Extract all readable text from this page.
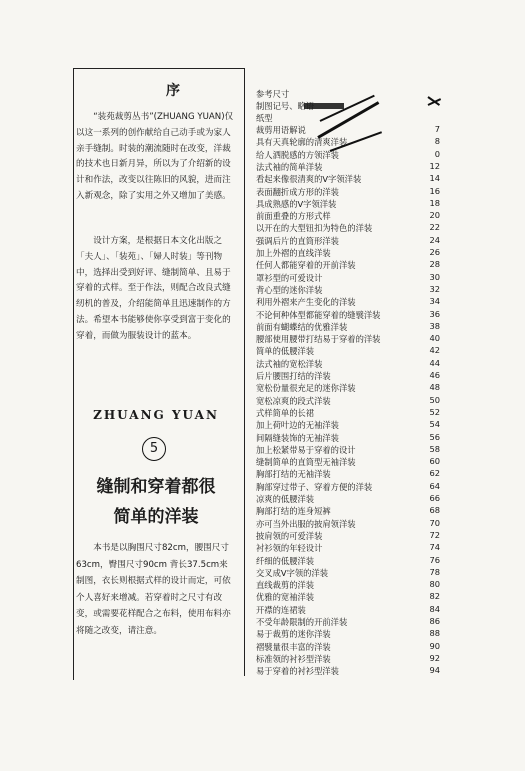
序

“装苑裁剪丛书”(ZHUANG YUAN)仅以这一系列的创作献给自己动手或为家人亲手缝制。时装的潮流随时在改变，洋裁的技术也日新月异，所以为了介绍新的设计和作法，改变以往陈旧的风貌，进而注入新观念，除了实用之外又增加了美感。

设计方案，是根据日本文化出版之「夫人」、「装苑」、「婦人时装」等刊物中，选择出受到好评、缝制简单、且易于穿着的式样。至于作法，则配合改良式缝纫机的普及，介绍能简单且迅速制作的方法。希望本书能够使你享受到富于变化的穿着，而做为服装设计的蓝本。

ZHUANG YUAN
5
缝制和穿着都很
简单的洋装

本书是以胸围尺寸82cm，腰围尺寸63cm，臀围尺寸90cm 背长37.5cm来制图，衣长则根据式样的设计而定，可依个人喜好来增减。若穿着时之尺寸有改变，或需要花样配合之布料，使用布料亦将随之改变，请注意。

参考尺寸
制图记号、略语
纸型
裁剪用语解说	7
具有天真轮廓的清爽洋装	8
给人洒脱感的方领洋装	0
法式袖的简单洋装	12
看起来像很清爽的V字领洋装	14
表面翻折成方形的洋装	16
具成熟感的V字领洋装	18
前面重叠的方形式样	20
以开在的大型钮扣为特色的洋装	22
强调后片的直筒形洋装	24
加上外褶的直线洋装	26
任何人都能穿着的开前洋装	28
罩衫型的可爱设计	30
背心型的迷你洋装	32
利用外褶来产生变化的洋装	34
不论何种体型都能穿着的缝襞洋装	36
前面有蝴蝶结的优雅洋装	38
腰部使用腰带打结易于穿着的洋装	40
简单的低腰洋装	42
法式袖的宽松洋装	44
后片腰围打结的洋装	46
宽松份量很充足的迷你洋装	48
宽松凉爽的段式洋装	50
式样简单的长裙	52
加上荷叶边的无袖洋装	54
间隔缝装饰的无袖洋装	56
加上松紧带易于穿着的设计	58
缝制简单的直筒型无袖洋装	60
胸部打结的无袖洋装	62
胸部穿过带子、穿着方便的洋装	64
凉爽的低腰洋装	66
胸部打结的连身短裤	68
亦可当外出服的披肩领洋装	70
披肩领的可爱洋装	72
衬衫领的年轻设计	74
纤细的低腰洋装	76
交叉成V字领的洋装	78
直线裁剪的洋装	80
优雅的宽袖洋装	82
开襟的连裙装	84
不受年龄限制的开前洋装	86
易于裁剪的迷你洋装	88
褶襞量很丰富的洋装	90
标准领的衬衫型洋装	92
易于穿着的衬衫型洋装	94
